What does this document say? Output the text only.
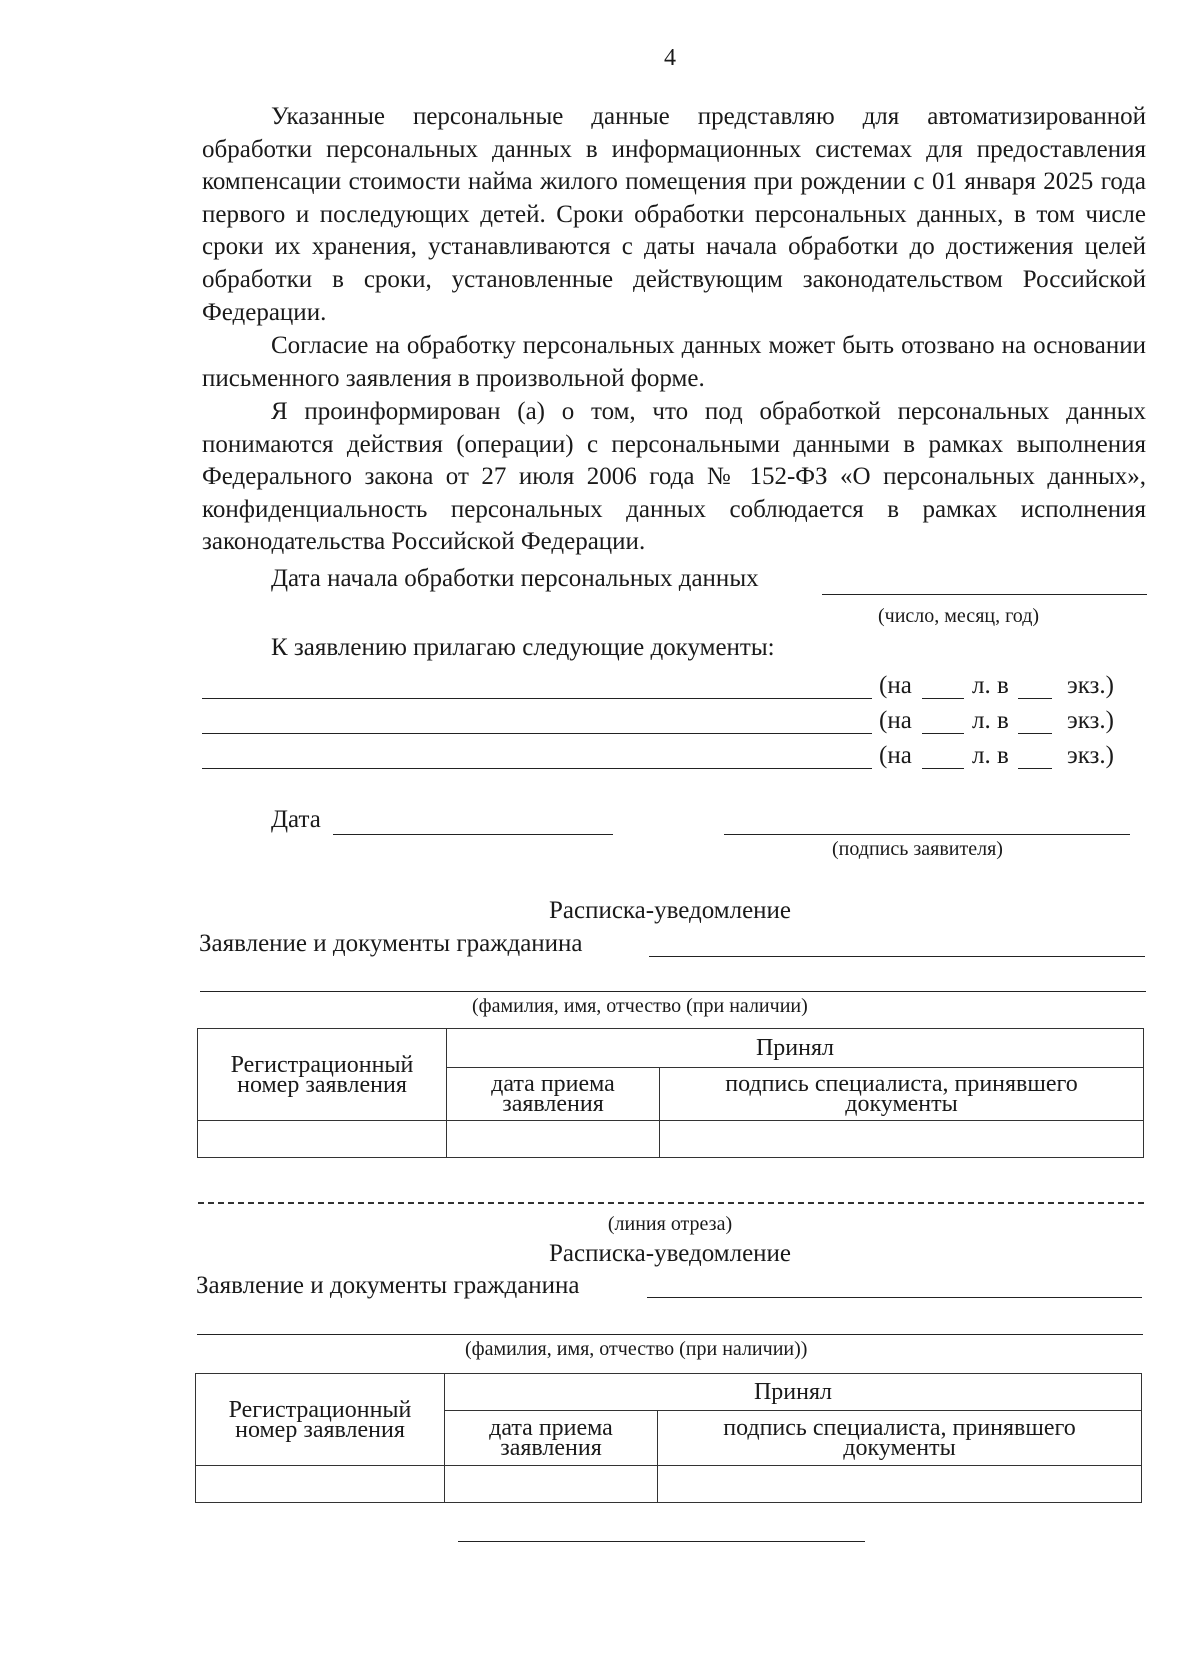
4
Указанные персональные данные представляю для автоматизированной обработки персональных данных в информационных системах для предоставления компенсации стоимости найма жилого помещения при рождении с 01 января 2025 года первого и последующих детей. Сроки обработки персональных данных, в том числе сроки их хранения, устанавливаются с даты начала обработки до достижения целей обработки в сроки, установленные действующим законодательством Российской Федерации.
Согласие на обработку персональных данных может быть отозвано на основании письменного заявления в произвольной форме.
Я проинформирован (а) о том, что под обработкой персональных данных понимаются действия (операции) с персональными данными в рамках выполнения Федерального закона от 27 июля 2006 года № 152-ФЗ «О персональных данных», конфиденциальность персональных данных соблюдается в рамках исполнения законодательства Российской Федерации.
Дата начала обработки персональных данных
(число, месяц, год)
К заявлению прилагаю следующие документы:
(на л. в экз.)
(на л. в экз.)
(на л. в экз.)
Дата
(подпись заявителя)
Расписка-уведомление
Заявление и документы гражданина
(фамилия, имя, отчество (при наличии)
Регистрационный номер заявления	Принял	
	дата приема заявления	подпись специалиста, принявшего документы

(линия отреза)
Расписка-уведомление
Заявление и документы гражданина
(фамилия, имя, отчество (при наличии))
Регистрационный номер заявления	Принял	
	дата приема заявления	подпись специалиста, принявшего документы
